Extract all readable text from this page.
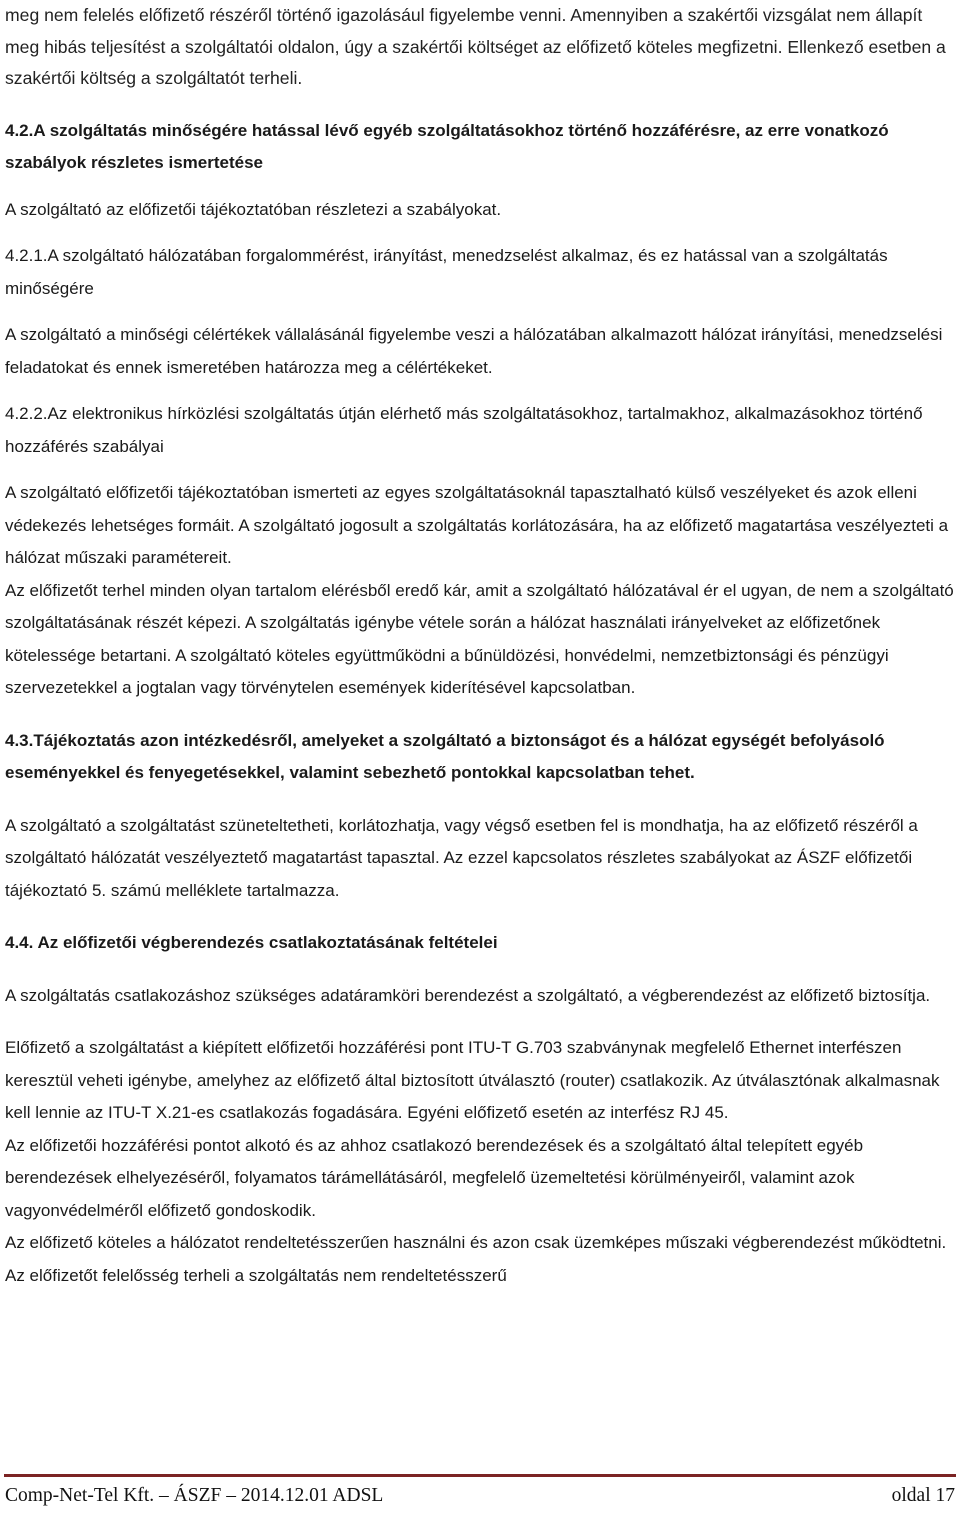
meg nem felelés előfizető részéről történő igazolásául figyelembe venni. Amennyiben a szakértői vizsgálat nem állapít meg hibás teljesítést a szolgáltatói oldalon, úgy a szakértői költséget az előfizető köteles megfizetni. Ellenkező esetben a szakértői költség a szolgáltatót terheli.

4.2.A szolgáltatás minőségére hatással lévő egyéb szolgáltatásokhoz történő hozzáférésre, az erre vonatkozó szabályok részletes ismertetése

A szolgáltató az előfizetői tájékoztatóban részletezi a szabályokat.

4.2.1.A szolgáltató hálózatában forgalommérést, irányítást, menedzselést alkalmaz, és ez hatással van a szolgáltatás minőségére

A szolgáltató a minőségi célértékek vállalásánál figyelembe veszi a hálózatában alkalmazott hálózat irányítási, menedzselési feladatokat és ennek ismeretében határozza meg a célértékeket.

4.2.2.Az elektronikus hírközlési szolgáltatás útján elérhető más szolgáltatásokhoz, tartalmakhoz, alkalmazásokhoz történő hozzáférés szabályai

A szolgáltató előfizetői tájékoztatóban ismerteti az egyes szolgáltatásoknál tapasztalható külső veszélyeket és azok elleni védekezés lehetséges formáit. A szolgáltató jogosult a szolgáltatás korlátozására, ha az előfizető magatartása veszélyezteti a hálózat műszaki paramétereit.

Az előfizetőt terhel minden olyan tartalom elérésből eredő kár, amit a szolgáltató hálózatával ér el ugyan, de nem a szolgáltató szolgáltatásának részét képezi. A szolgáltatás igénybe vétele során a hálózat használati irányelveket az előfizetőnek kötelessége betartani. A szolgáltató köteles együttműködni a bűnüldözési, honvédelmi, nemzetbiztonsági és pénzügyi szervezetekkel a jogtalan vagy törvénytelen események kiderítésével kapcsolatban.

4.3.Tájékoztatás azon intézkedésről, amelyeket a szolgáltató a biztonságot és a hálózat egységét befolyásoló eseményekkel és fenyegetésekkel, valamint sebezhető pontokkal kapcsolatban tehet.

A szolgáltató a szolgáltatást szüneteltetheti, korlátozhatja, vagy végső esetben fel is mondhatja, ha az előfizető részéről a szolgáltató hálózatát veszélyeztető magatartást tapasztal. Az ezzel kapcsolatos részletes szabályokat az ÁSZF előfizetői tájékoztató 5. számú melléklete tartalmazza.

4.4. Az előfizetői végberendezés csatlakoztatásának feltételei

A szolgáltatás csatlakozáshoz szükséges adatáramköri berendezést a szolgáltató, a végberendezést az előfizető biztosítja.

Előfizető a szolgáltatást a kiépített előfizetői hozzáférési pont ITU-T G.703 szabványnak megfelelő Ethernet interfészen keresztül veheti igénybe, amelyhez az előfizető által biztosított útválasztó (router) csatlakozik. Az útválasztónak alkalmasnak kell lennie az ITU-T X.21-es csatlakozás fogadására. Egyéni előfizető esetén az interfész RJ 45.

Az előfizetői hozzáférési pontot alkotó és az ahhoz csatlakozó berendezések és a szolgáltató által telepített egyéb berendezések elhelyezéséről, folyamatos tárámellátásáról, megfelelő üzemeltetési körülményeiről, valamint azok vagyonvédelméről előfizető gondoskodik.

Az előfizető köteles a hálózatot rendeltetésszerűen használni és azon csak üzemképes műszaki végberendezést működtetni. Az előfizetőt felelősség terheli a szolgáltatás nem rendeltetésszerű

Comp-Net-Tel Kft. – ÁSZF – 2014.12.01 ADSL	oldal 17
